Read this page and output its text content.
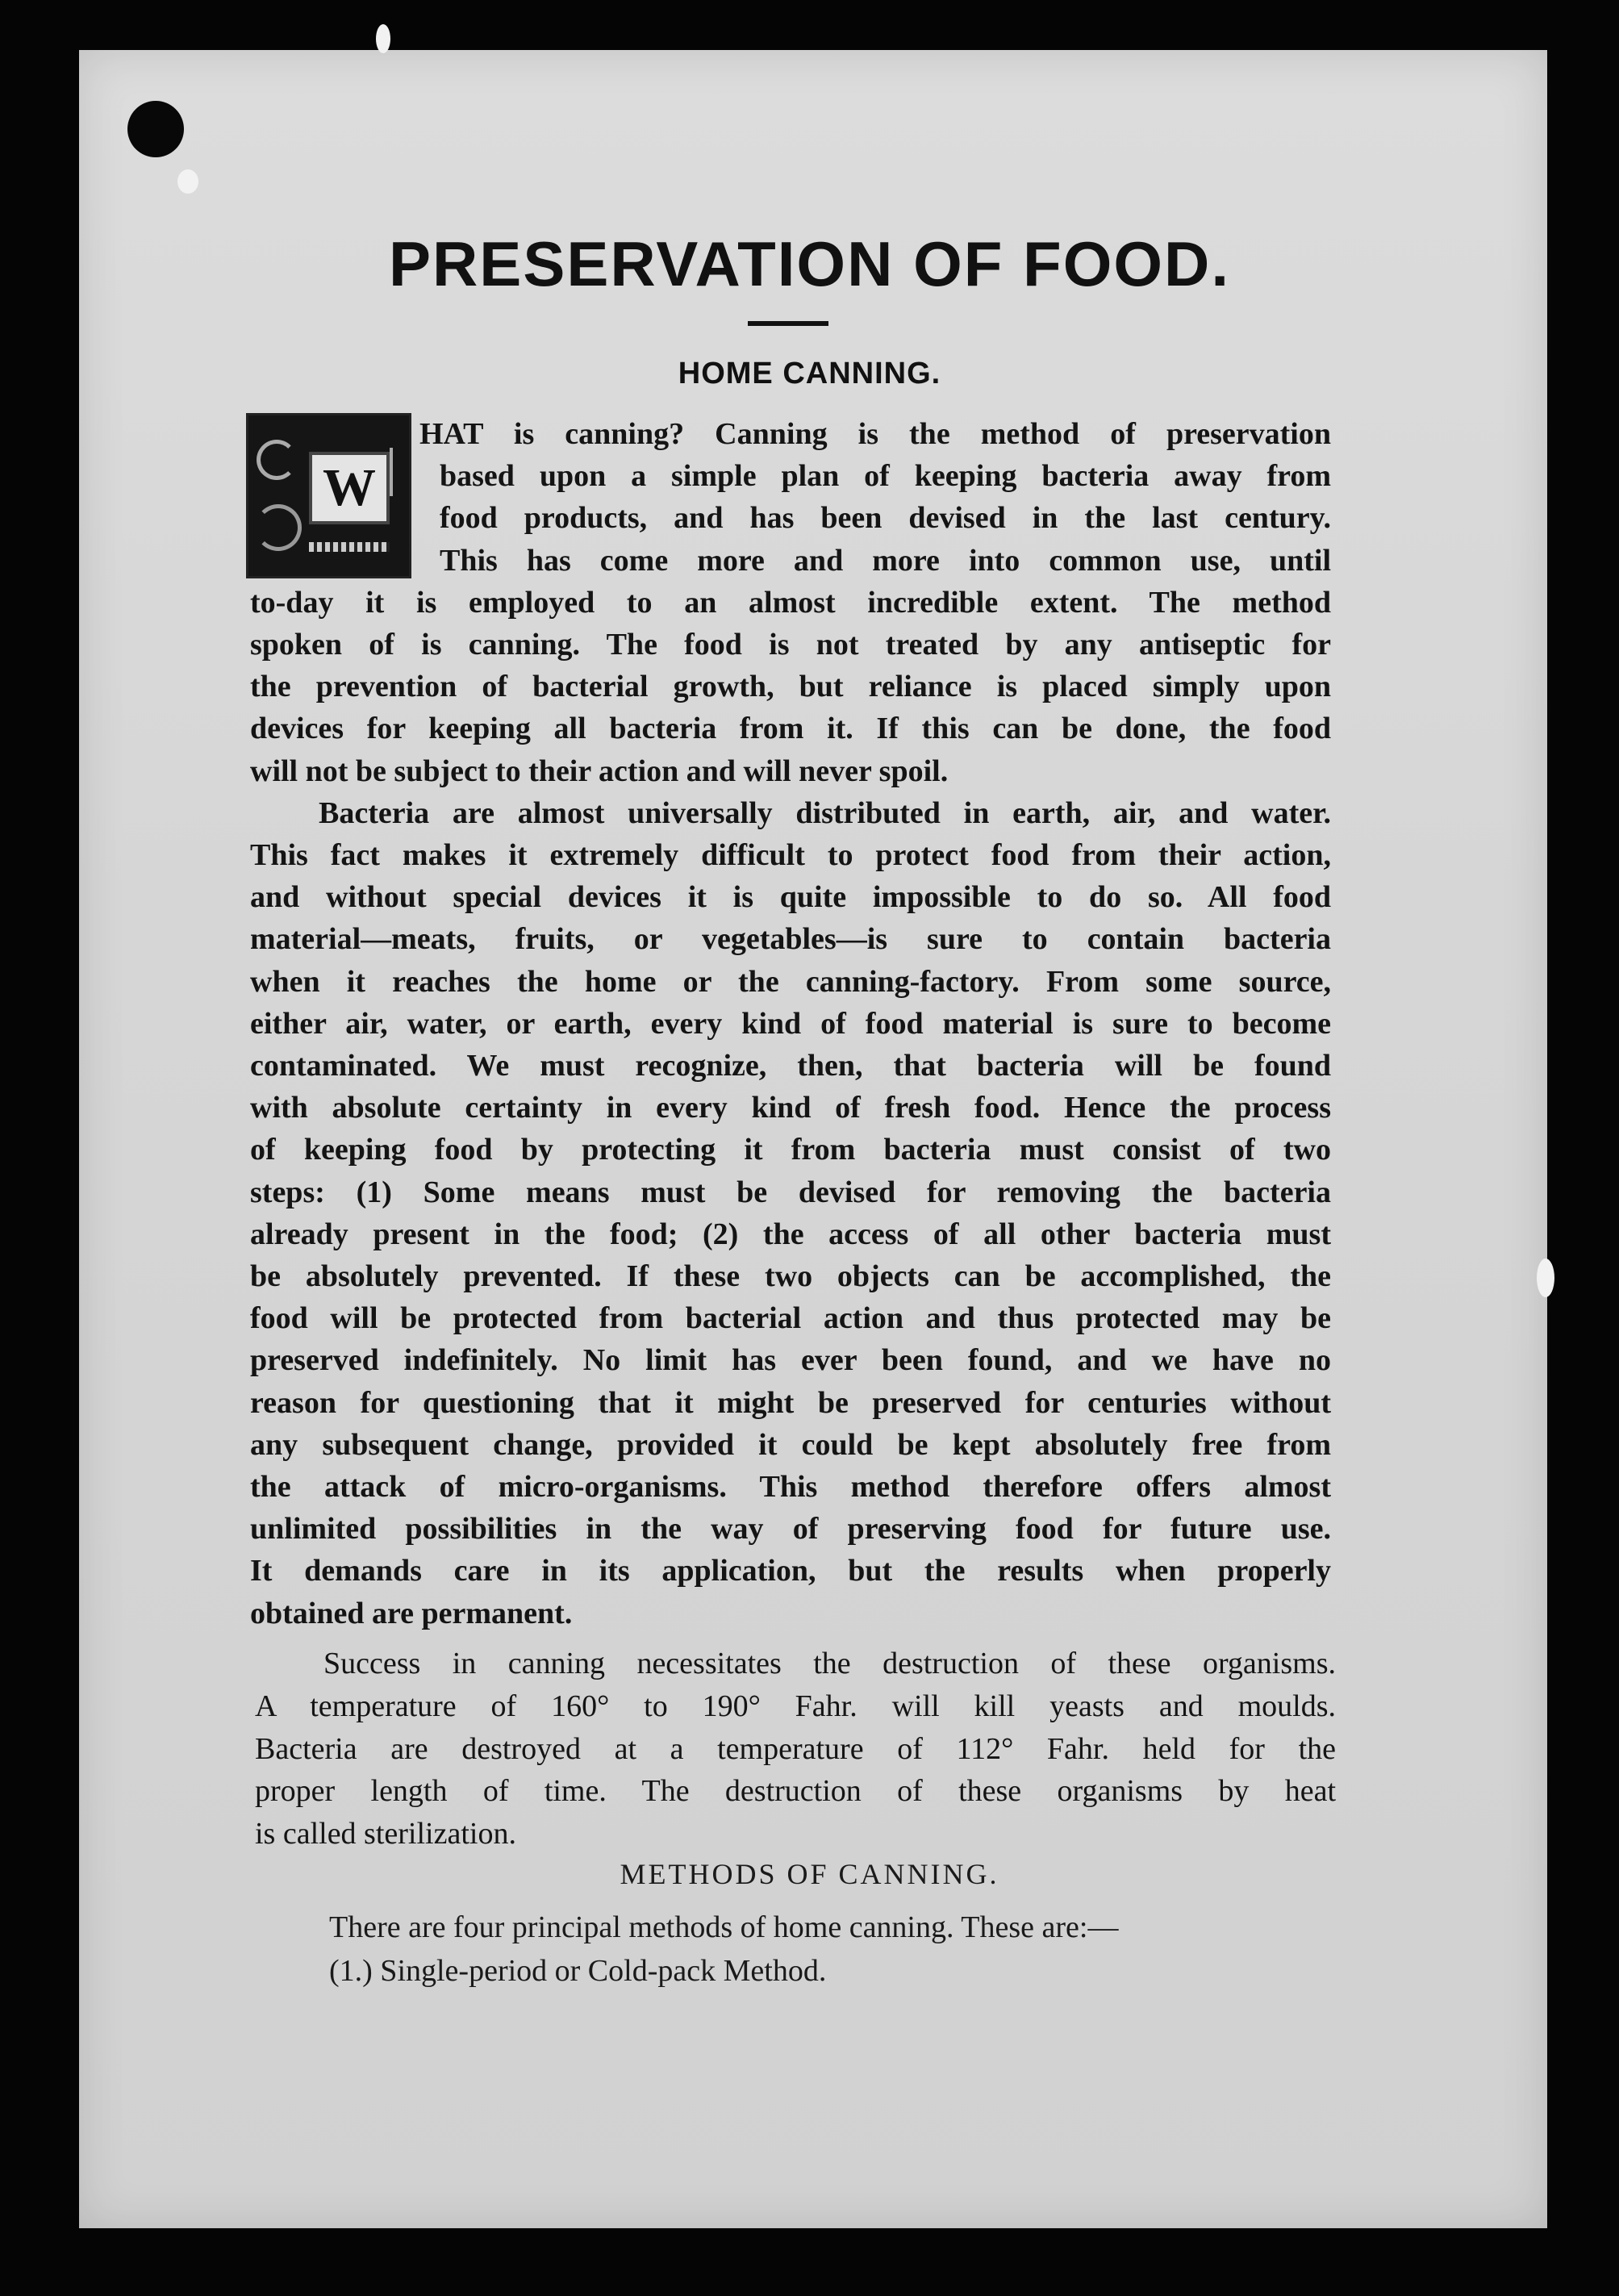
PRESERVATION OF FOOD.
HOME CANNING.
W
HAT is canning? Canning is the method of preservation
based upon a simple plan of keeping bacteria away from
food products, and has been devised in the last century.
This has come more and more into common use, until
to-day it is employed to an almost incredible extent. The method
spoken of is canning. The food is not treated by any antiseptic for
the prevention of bacterial growth, but reliance is placed simply upon
devices for keeping all bacteria from it. If this can be done, the food
will not be subject to their action and will never spoil.
Bacteria are almost universally distributed in earth, air, and water.
This fact makes it extremely difficult to protect food from their action,
and without special devices it is quite impossible to do so. All food
material—meats, fruits, or vegetables—is sure to contain bacteria
when it reaches the home or the canning-factory. From some source,
either air, water, or earth, every kind of food material is sure to become
contaminated. We must recognize, then, that bacteria will be found
with absolute certainty in every kind of fresh food. Hence the process
of keeping food by protecting it from bacteria must consist of two
steps: (1) Some means must be devised for removing the bacteria
already present in the food; (2) the access of all other bacteria must
be absolutely prevented. If these two objects can be accomplished, the
food will be protected from bacterial action and thus protected may be
preserved indefinitely. No limit has ever been found, and we have no
reason for questioning that it might be preserved for centuries without
any subsequent change, provided it could be kept absolutely free from
the attack of micro-organisms. This method therefore offers almost
unlimited possibilities in the way of preserving food for future use.
It demands care in its application, but the results when properly
obtained are permanent.
Success in canning necessitates the destruction of these organisms.
A temperature of 160° to 190° Fahr. will kill yeasts and moulds.
Bacteria are destroyed at a temperature of 112° Fahr. held for the
proper length of time. The destruction of these organisms by heat
is called sterilization.
METHODS OF CANNING.
There are four principal methods of home canning. These are:—
(1.) Single-period or Cold-pack Method.
